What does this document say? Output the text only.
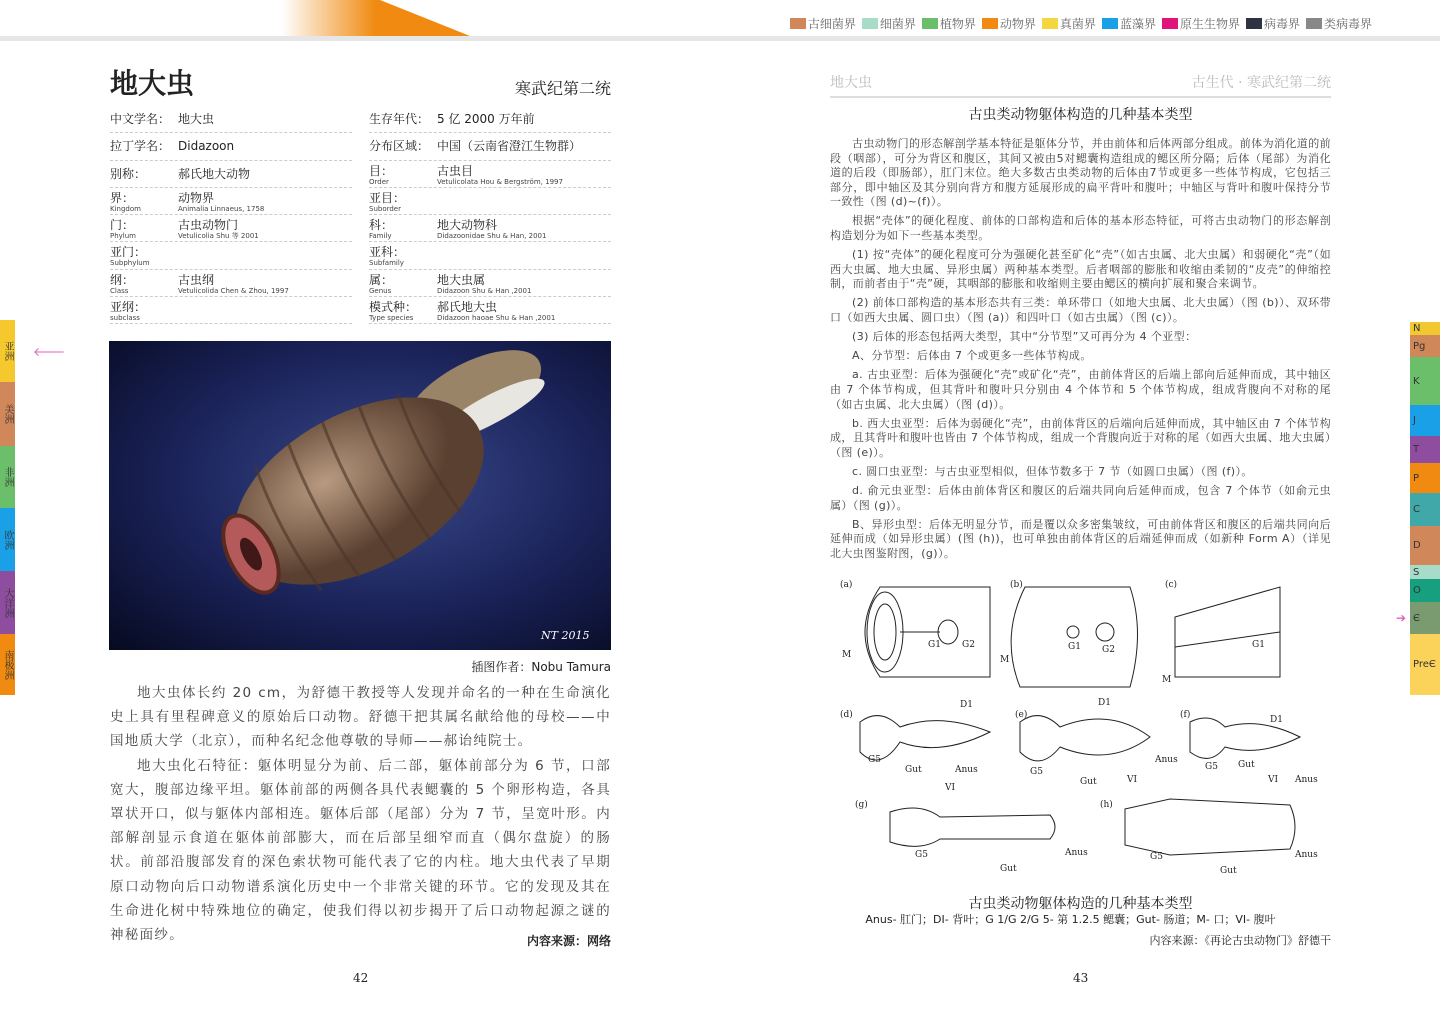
古细菌界	细菌界	植物界	动物界	真菌界	蓝藻界	原生生物界	病毒界	类病毒界
地大虫	寒武纪第二统
中文学名： 地大虫
拉丁学名： Didazoon
别称：	郝氏地大动物
界：
Kingdom
动物界
Animalia Linnaeus, 1758
门：
Phylum
古虫动物门
Vetulicolia Shu 等 2001
亚门：
Subphylum
纲：
Class
古虫纲
Vetulicolida Chen & Zhou, 1997
亚纲：
subclass
生存年代： 5 亿 2000 万年前
分布区域： 中国（云南省澄江生物群）
目：
Order
古虫目
Vetulicolata Hou & Bergström, 1997
亚目：
Suborder
科：
Family
地大动物科
Didazoonidae Shu & Han, 2001
亚科：
Subfamily
属：
Genus
地大虫属
Didazoon Shu & Han ,2001
模式种：
Type species
郝氏地大虫
Didazoon haoae Shu & Han ,2001
NT 2015
插图作者：Nobu Tamura

地大虫体长约 20 cm，为舒德干教授等人发现并命名的一种在生命演化史上具有里程碑意义的原始后口动物。舒德干把其属名献给他的母校——中国地质大学（北京），而种名纪念他尊敬的导师——郝诒纯院士。

地大虫化石特征：躯体明显分为前、后二部，躯体前部分为 6 节，口部宽大，腹部边缘平坦。躯体前部的两侧各具代表鳃囊的 5 个卵形构造，各具罩状开口，似与躯体内部相连。躯体后部（尾部）分为 7 节，呈宽叶形。内部解剖显示食道在躯体前部膨大，而在后部呈细窄而直（偶尔盘旋）的肠状。前部沿腹部发育的深色索状物可能代表了它的内柱。地大虫代表了早期原口动物向后口动物谱系演化历史中一个非常关键的环节。它的发现及其在生命进化树中特殊地位的确定，使我们得以初步揭开了后口动物起源之谜的神秘面纱。	内容来源：网络
42
地大虫	古生代 · 寒武纪第二统
古虫类动物躯体构造的几种基本类型

古虫动物门的形态解剖学基本特征是躯体分节，并由前体和后体两部分组成。前体为消化道的前段（咽部），可分为背区和腹区，其间又被由5对鳃囊构造组成的鳃区所分隔；后体（尾部）为消化道的后段（即肠部），肛门末位。绝大多数古虫类动物的后体由7节或更多一些体节构成，它包括三部分，即中轴区及其分别向背方和腹方延展形成的扁平背叶和腹叶；中轴区与背叶和腹叶保持分节一致性（图 (d)~(f)）。

根据“壳体”的硬化程度、前体的口部构造和后体的基本形态特征，可将古虫动物门的形态解剖构造划分为如下一些基本类型。

(1) 按“壳体”的硬化程度可分为强硬化甚至矿化“壳”（如古虫属、北大虫属）和弱硬化“壳”（如西大虫属、地大虫属、异形虫属）两种基本类型。后者咽部的膨胀和收缩由柔韧的“皮壳”的伸缩控制，而前者由于“壳”硬，其咽部的膨胀和收缩则主要由鳃区的横向扩展和聚合来调节。

(2) 前体口部构造的基本形态共有三类：单环带口（如地大虫属、北大虫属）（图 (b)）、双环带口（如西大虫属、圆口虫）（图 (a)）和四叶口（如古虫属）（图 (c)）。

(3) 后体的形态包括两大类型，其中“分节型”又可再分为 4 个亚型：

A、分节型：后体由 7 个或更多一些体节构成。

a. 古虫亚型：后体为强硬化“壳”或矿化“壳”，由前体背区的后端上部向后延伸而成，其中轴区由 7 个体节构成，但其背叶和腹叶只分别由 4 个体节和 5 个体节构成，组成背腹向不对称的尾（如古虫属、北大虫属）（图 (d)）。

b. 西大虫亚型：后体为弱硬化“壳”，由前体背区的后端向后延伸而成，其中轴区由 7 个体节构成，且其背叶和腹叶也皆由 7 个体节构成，组成一个背腹向近于对称的尾（如西大虫属、地大虫属）（图 (e)）。

c. 圆口虫亚型：与古虫亚型相似，但体节数多于 7 节（如圆口虫属）（图 (f)）。

d. 俞元虫亚型：后体由前体背区和腹区的后端共同向后延伸而成，包含 7 个体节（如俞元虫属）（图 (g)）。

B、异形虫型：后体无明显分节，而是覆以众多密集皱纹，可由前体背区和腹区的后端共同向后延伸而成（如异形虫属）(图 (h))，也可单独由前体背区的后端延伸而成（如新种 Form A）（详见北大虫图鉴附图，(g)）。

(a)	(b)	(c)
(d)	(e)	(f)
(g)	(h)
M
G1 G2
M
G1 G2
M
G1
D1
G5
Gut	Anus
VI
D1
G5
Gut	VI
Anus
D1
G5 Gut
VI Anus
G5
Gut
Anus	G5
Gut
Anus
古虫类动物躯体构造的几种基本类型
Anus- 肛门；DI- 背叶；G 1/G 2/G 5- 第 1.2.5 鳃囊；Gut- 肠道；M- 口；VI- 腹叶
内容来源：《再论古虫动物门》舒德干
43
亚洲
美洲
非洲
欧洲
大洋洲
南极洲
N
Pg
K
J
T
P
C
D
S
O
Є
PreЄ
➔
🡐
